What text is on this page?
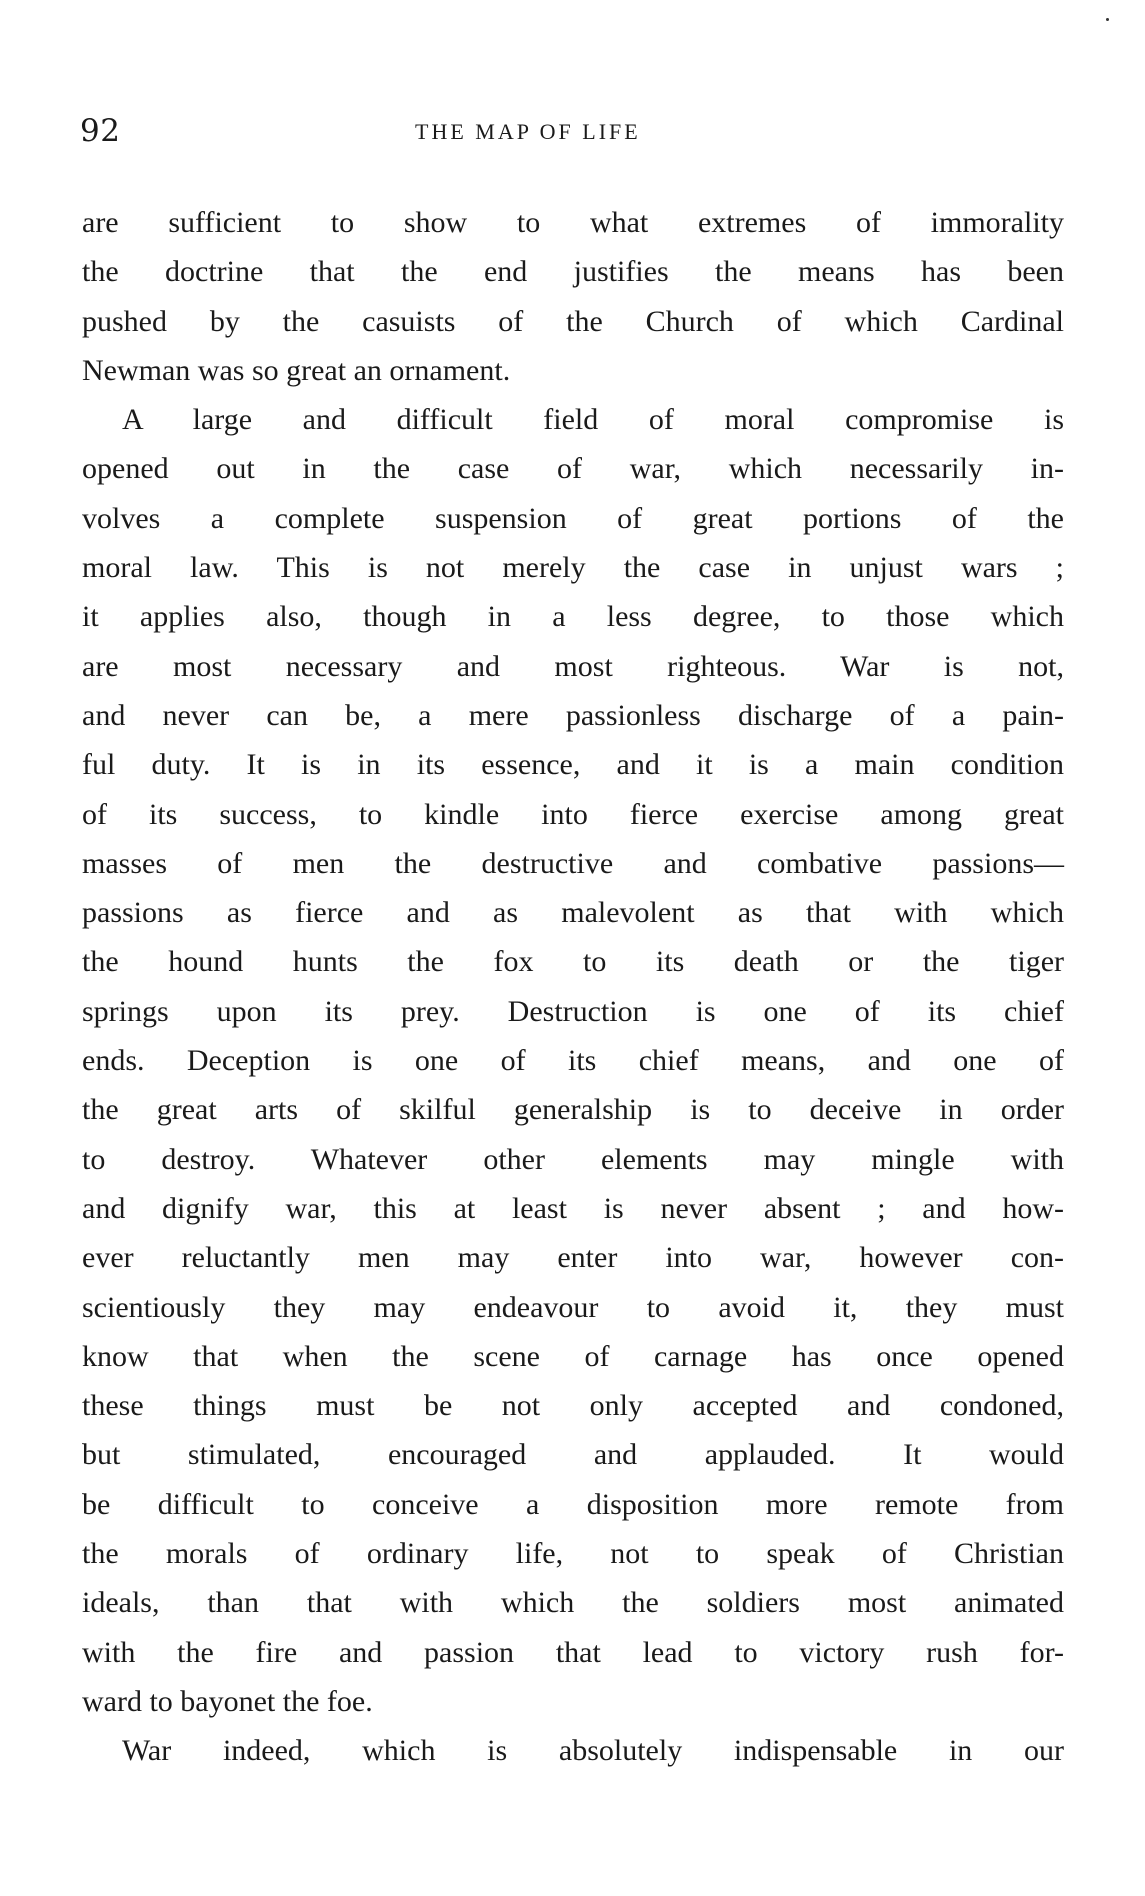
92	THE MAP OF LIFE
are sufficient to show to what extremes of immorality
the doctrine that the end justifies the means has been
pushed by the casuists of the Church of which Cardinal
Newman was so great an ornament.
A large and difficult field of moral compromise is
opened out in the case of war, which necessarily in-
volves a complete suspension of great portions of the
moral law. This is not merely the case in unjust wars ;
it applies also, though in a less degree, to those which
are most necessary and most righteous. War is not,
and never can be, a mere passionless discharge of a pain-
ful duty. It is in its essence, and it is a main condition
of its success, to kindle into fierce exercise among great
masses of men the destructive and combative passions—
passions as fierce and as malevolent as that with which
the hound hunts the fox to its death or the tiger
springs upon its prey. Destruction is one of its chief
ends. Deception is one of its chief means, and one of
the great arts of skilful generalship is to deceive in order
to destroy. Whatever other elements may mingle with
and dignify war, this at least is never absent ; and how-
ever reluctantly men may enter into war, however con-
scientiously they may endeavour to avoid it, they must
know that when the scene of carnage has once opened
these things must be not only accepted and condoned,
but stimulated, encouraged and applauded. It would
be difficult to conceive a disposition more remote from
the morals of ordinary life, not to speak of Christian
ideals, than that with which the soldiers most animated
with the fire and passion that lead to victory rush for-
ward to bayonet the foe.
War indeed, which is absolutely indispensable in our
